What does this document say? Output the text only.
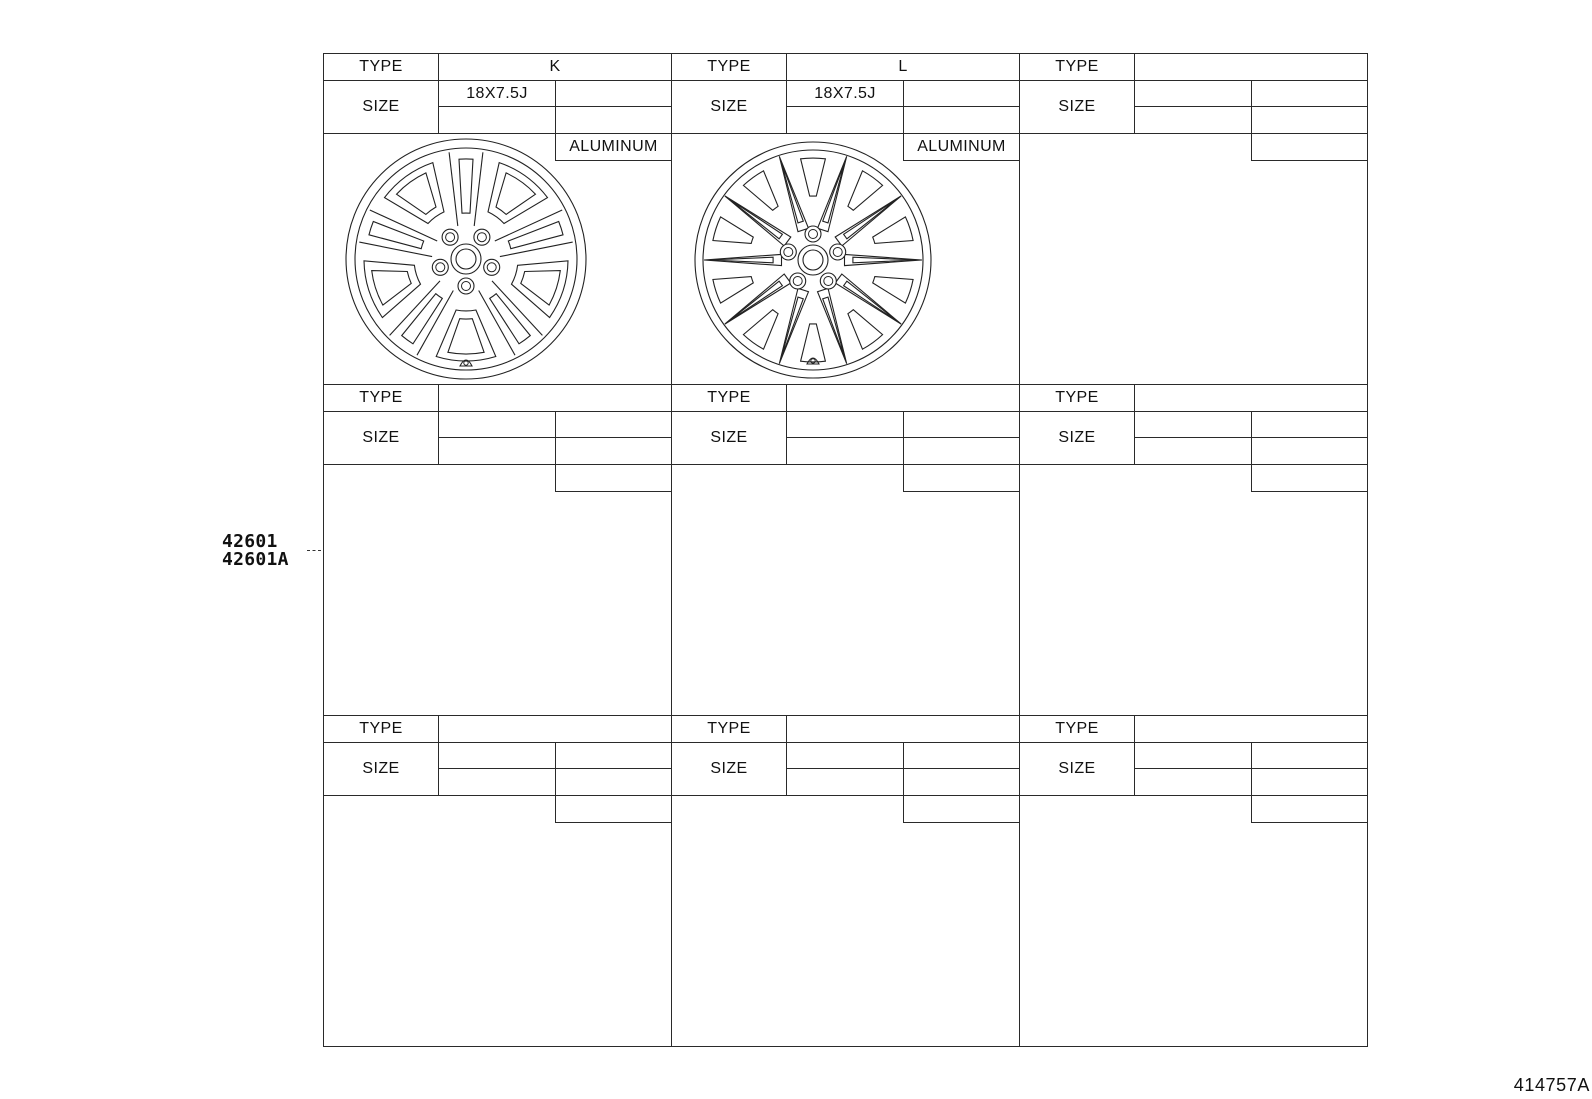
42601
42601A
TYPE	K
SIZE
18X7.5J
ALUMINUM
TYPE	L
SIZE
18X7.5J
ALUMINUM
TYPE
SIZE
TYPE
SIZE
TYPE
SIZE
TYPE
SIZE
TYPE
SIZE
TYPE
SIZE
TYPE
SIZE
414757A
